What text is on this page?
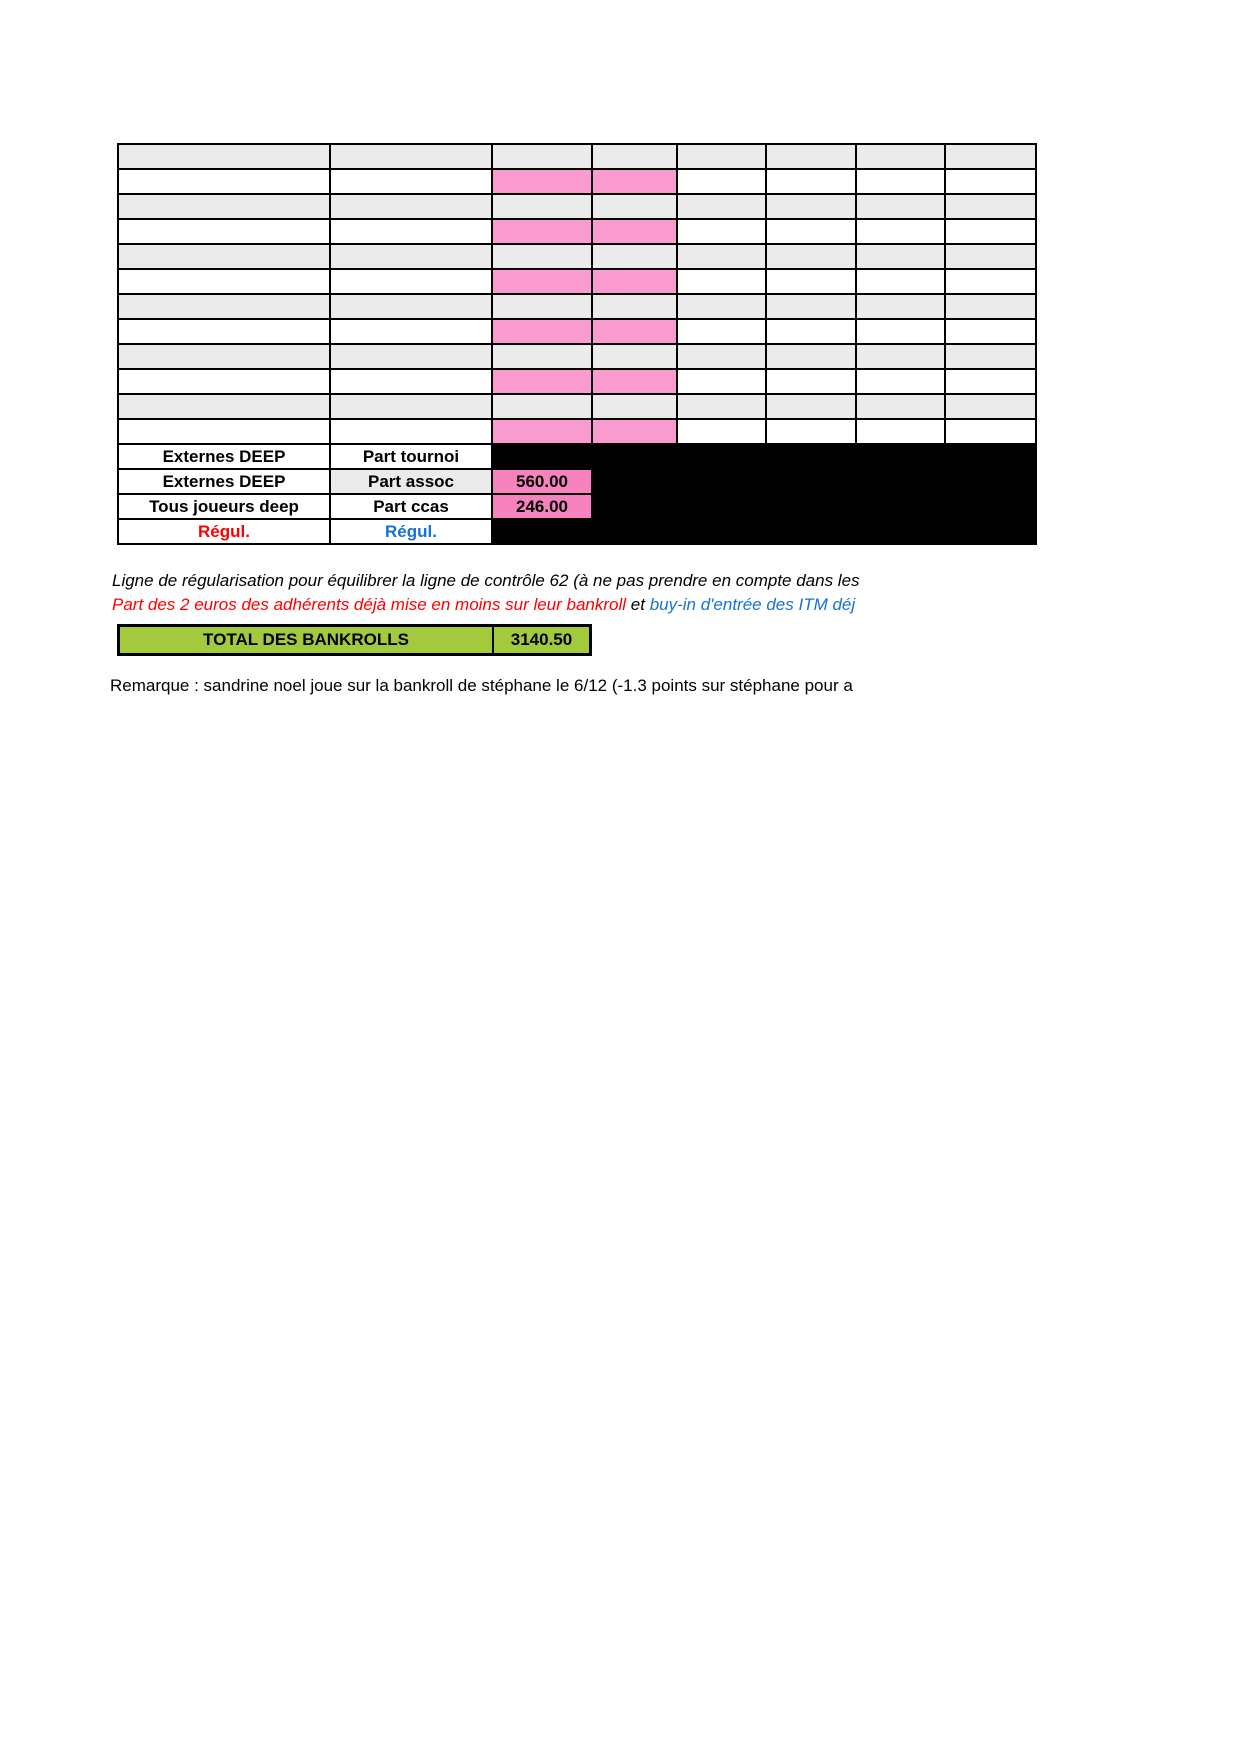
Externes DEEP	Part tournoi						
Externes DEEP	Part assoc	560.00					
Tous joueurs deep	Part ccas	246.00					
Régul.	Régul.						
Ligne de régularisation pour équilibrer la ligne de contrôle 62 (à ne pas prendre en compte dans les
Part des 2 euros des adhérents déjà mise en moins sur leur bankroll et buy-in d'entrée des ITM déj
TOTAL DES BANKROLLS	3140.50
Remarque : sandrine noel joue sur la bankroll de stéphane le 6/12 (-1.3 points sur stéphane pour a
